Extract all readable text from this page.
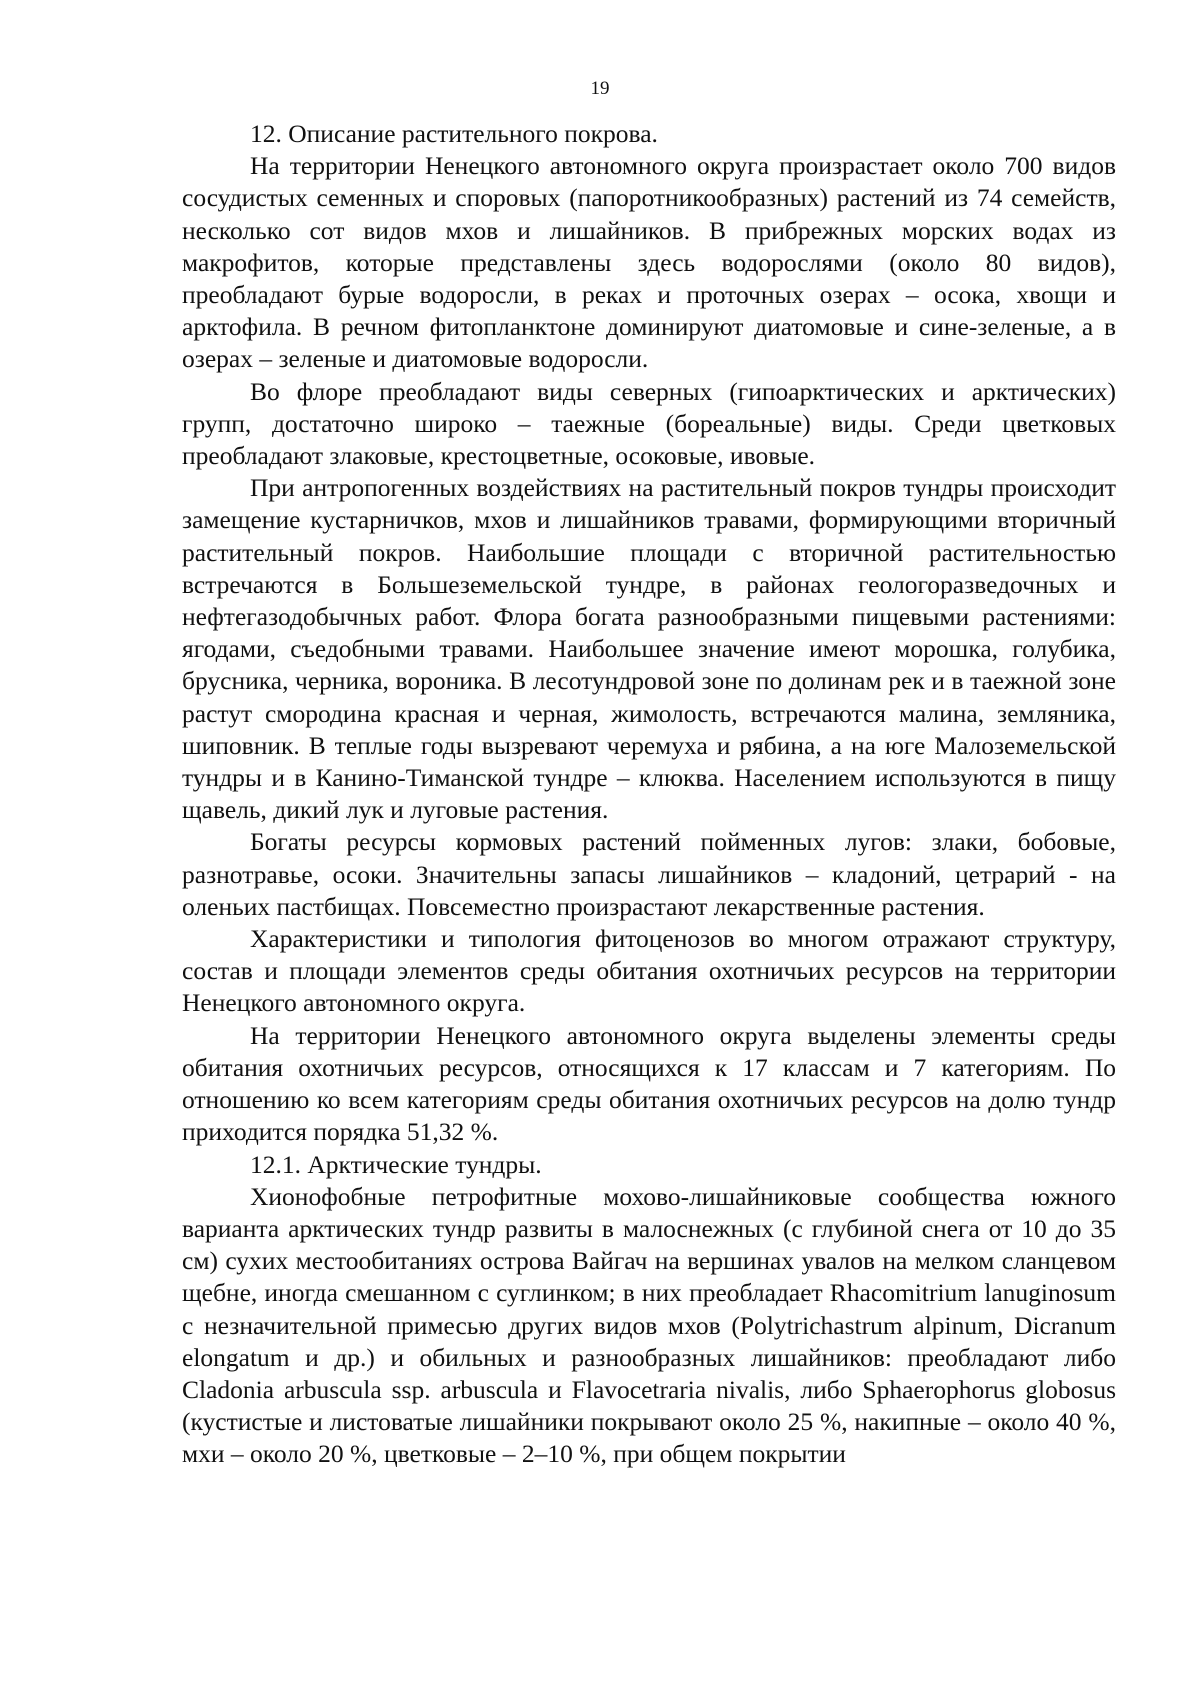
19

12. Описание растительного покрова.

На территории Ненецкого автономного округа произрастает около 700 видов сосудистых семенных и споровых (папоротникообразных) растений из 74 семейств, несколько сот видов мхов и лишайников. В прибрежных морских водах из макрофитов, которые представлены здесь водорослями (около 80 видов), преобладают бурые водоросли, в реках и проточных озерах – осока, хвощи и арктофила. В речном фитопланктоне доминируют диатомовые и сине-зеленые, а в озерах – зеленые и диатомовые водоросли.

Во флоре преобладают виды северных (гипоарктических и арктических) групп, достаточно широко – таежные (бореальные) виды. Среди цветковых преобладают злаковые, крестоцветные, осоковые, ивовые.

При антропогенных воздействиях на растительный покров тундры происходит замещение кустарничков, мхов и лишайников травами, формирующими вторичный растительный покров. Наибольшие площади с вторичной растительностью встречаются в Большеземельской тундре, в районах геологоразведочных и нефтегазодобычных работ. Флора богата разнообразными пищевыми растениями: ягодами, съедобными травами. Наибольшее значение имеют морошка, голубика, брусника, черника, вороника. В лесотундровой зоне по долинам рек и в таежной зоне растут смородина красная и черная, жимолость, встречаются малина, земляника, шиповник. В теплые годы вызревают черемуха и рябина, а на юге Малоземельской тундры и в Канино-Тиманской тундре – клюква. Населением используются в пищу щавель, дикий лук и луговые растения.

Богаты ресурсы кормовых растений пойменных лугов: злаки, бобовые, разнотравье, осоки. Значительны запасы лишайников – кладоний, цетрарий - на оленьих пастбищах. Повсеместно произрастают лекарственные растения.

Характеристики и типология фитоценозов во многом отражают структуру, состав и площади элементов среды обитания охотничьих ресурсов на территории Ненецкого автономного округа.

На территории Ненецкого автономного округа выделены элементы среды обитания охотничьих ресурсов, относящихся к 17 классам и 7 категориям. По отношению ко всем категориям среды обитания охотничьих ресурсов на долю тундр приходится порядка 51,32 %.

12.1. Арктические тундры.

Хионофобные петрофитные мохово-лишайниковые сообщества южного варианта арктических тундр развиты в малоснежных (с глубиной снега от 10 до 35 см) сухих местообитаниях острова Вайгач на вершинах увалов на мелком сланцевом щебне, иногда смешанном с суглинком; в них преобладает Rhacomitrium lanuginosum с незначительной примесью других видов мхов (Polytrichastrum alpinum, Dicranum elongatum и др.) и обильных и разнообразных лишайников: преобладают либо Cladonia arbuscula ssp. arbuscula и Flavocetraria nivalis, либо Sphaerophorus globosus (кустистые и листоватые лишайники покрывают около 25 %, накипные – около 40 %, мхи – около 20 %, цветковые – 2–10 %, при общем покрытии
